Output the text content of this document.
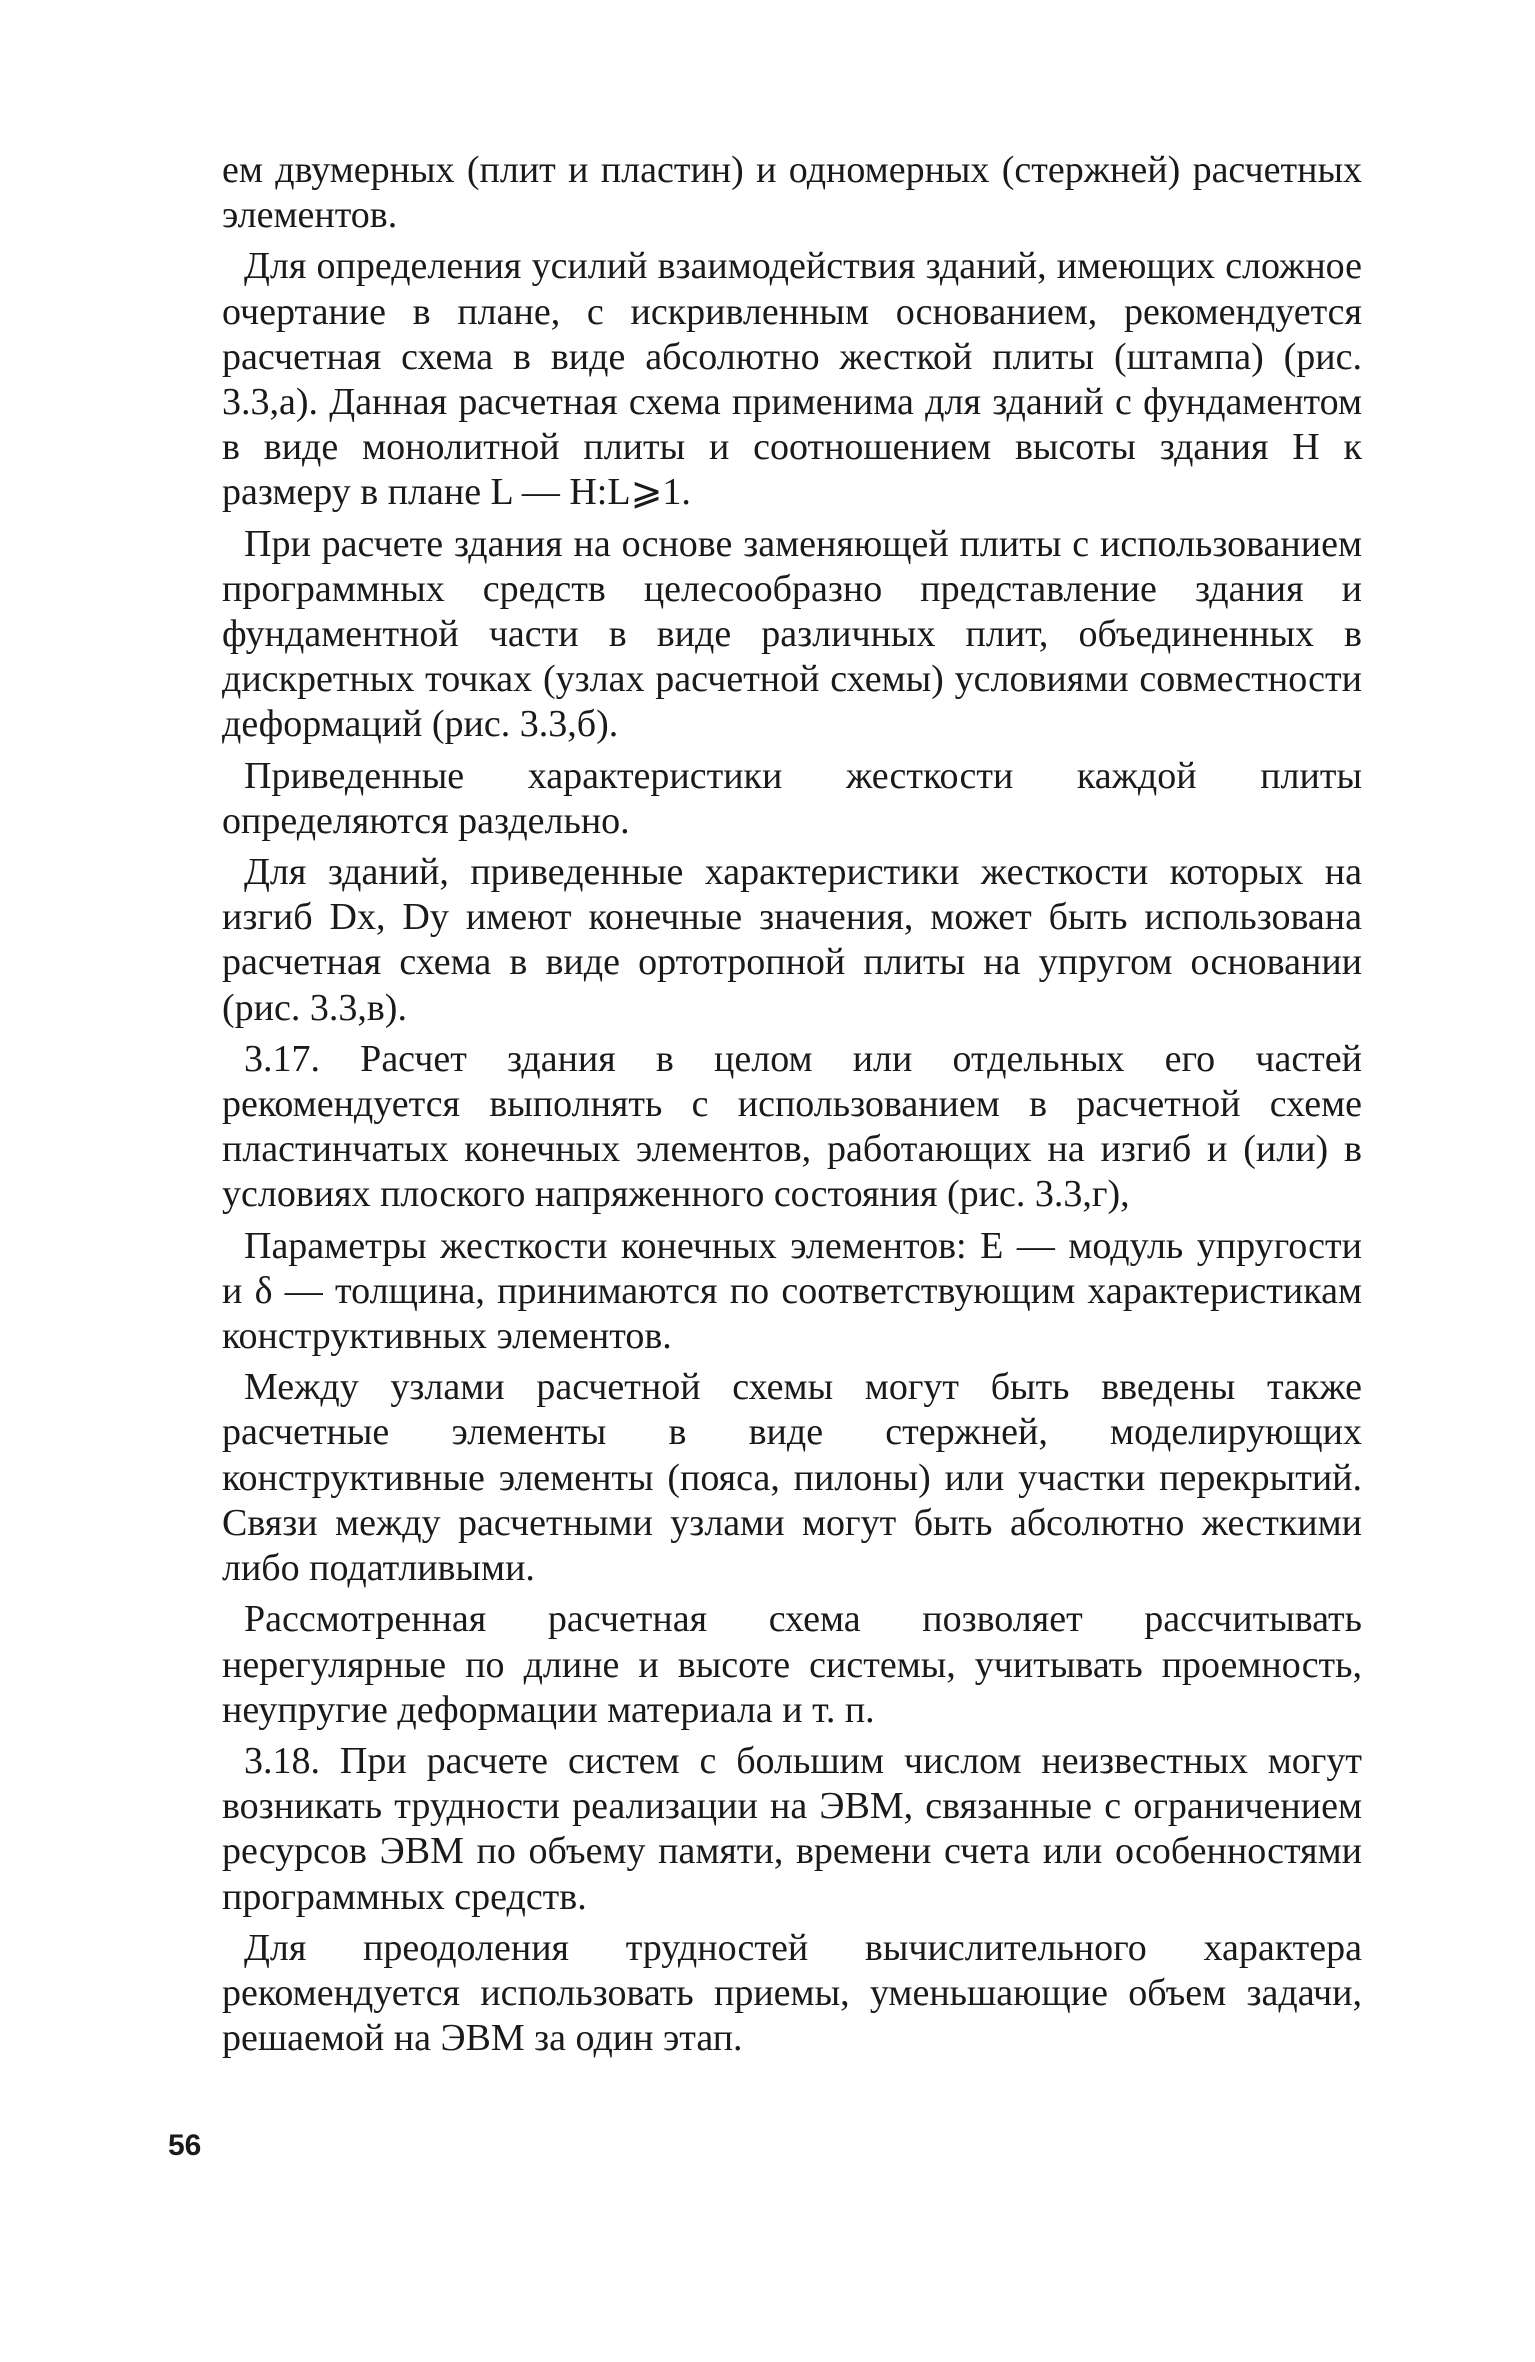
ем двумерных (плит и пластин) и одномерных (стержней) расчетных элементов.

Для определения усилий взаимодействия зданий, имеющих сложное очертание в плане, с искривленным основанием, рекомендуется расчетная схема в виде абсолютно жесткой плиты (штампа) (рис. 3.3,а). Данная расчетная схема применима для зданий с фундаментом в виде монолитной плиты и соотношением высоты здания H к размеру в плане L — H:L⩾1.

При расчете здания на основе заменяющей плиты с использованием программных средств целесообразно представление здания и фундаментной части в виде различных плит, объединенных в дискретных точках (узлах расчетной схемы) условиями совместности деформаций (рис. 3.3,б).

Приведенные характеристики жесткости каждой плиты определяются раздельно.

Для зданий, приведенные характеристики жесткости которых на изгиб Dx, Dy имеют конечные значения, может быть использована расчетная схема в виде ортотропной плиты на упругом основании (рис. 3.3,в).

3.17. Расчет здания в целом или отдельных его частей рекомендуется выполнять с использованием в расчетной схеме пластинчатых конечных элементов, работающих на изгиб и (или) в условиях плоского напряженного состояния (рис. 3.3,г),

Параметры жесткости конечных элементов: E — модуль упругости и δ — толщина, принимаются по соответствующим характеристикам конструктивных элементов.

Между узлами расчетной схемы могут быть введены также расчетные элементы в виде стержней, моделирующих конструктивные элементы (пояса, пилоны) или участки перекрытий. Связи между расчетными узлами могут быть абсолютно жесткими либо податливыми.

Рассмотренная расчетная схема позволяет рассчитывать нерегулярные по длине и высоте системы, учитывать проемность, неупругие деформации материала и т. п.

3.18. При расчете систем с большим числом неизвестных могут возникать трудности реализации на ЭВМ, связанные с ограничением ресурсов ЭВМ по объему памяти, времени счета или особенностями программных средств.

Для преодоления трудностей вычислительного характера рекомендуется использовать приемы, уменьшающие объем задачи, решаемой на ЭВМ за один этап.

56
